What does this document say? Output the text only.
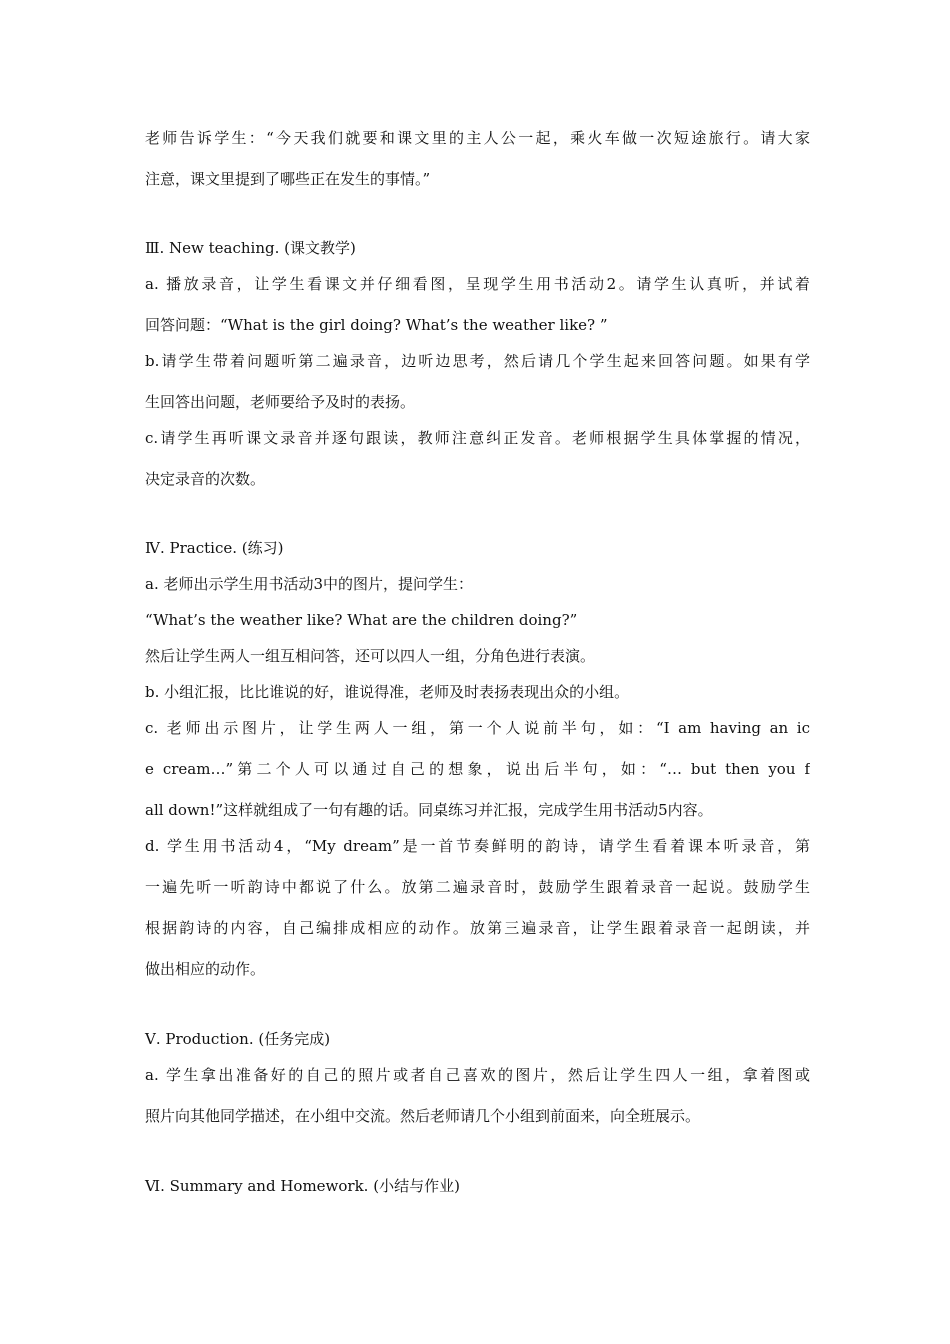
老师告诉学生：“今天我们就要和课文里的主人公一起，乘火车做一次短途旅行。请大家
注意，课文里提到了哪些正在发生的事情。”
Ⅲ. New teaching. (课文教学)
a. 播放录音，让学生看课文并仔细看图，呈现学生用书活动2。请学生认真听，并试着
回答问题：“What is the girl doing? What’s the weather like? ”
b.请学生带着问题听第二遍录音，边听边思考，然后请几个学生起来回答问题。如果有学
生回答出问题，老师要给予及时的表扬。
c.请学生再听课文录音并逐句跟读，教师注意纠正发音。老师根据学生具体掌握的情况，
决定录音的次数。
Ⅳ. Practice. (练习)
a. 老师出示学生用书活动3中的图片，提问学生：
“What’s the weather like? What are the children doing?”
然后让学生两人一组互相问答，还可以四人一组，分角色进行表演。
b. 小组汇报，比比谁说的好，谁说得准，老师及时表扬表现出众的小组。
c. 老师出示图片，让学生两人一组，第一个人说前半句，如：“I am having an ic
e cream…”第二个人可以通过自己的想象，说出后半句，如：“… but then you f
all down!”这样就组成了一句有趣的话。同桌练习并汇报，完成学生用书活动5内容。
d. 学生用书活动4，“My dream”是一首节奏鲜明的韵诗，请学生看着课本听录音，第
一遍先听一听韵诗中都说了什么。放第二遍录音时，鼓励学生跟着录音一起说。鼓励学生
根据韵诗的内容，自己编排成相应的动作。放第三遍录音，让学生跟着录音一起朗读，并
做出相应的动作。
Ⅴ. Production. (任务完成)
a. 学生拿出准备好的自己的照片或者自己喜欢的图片，然后让学生四人一组，拿着图或
照片向其他同学描述，在小组中交流。然后老师请几个小组到前面来，向全班展示。
Ⅵ. Summary and Homework. (小结与作业)
